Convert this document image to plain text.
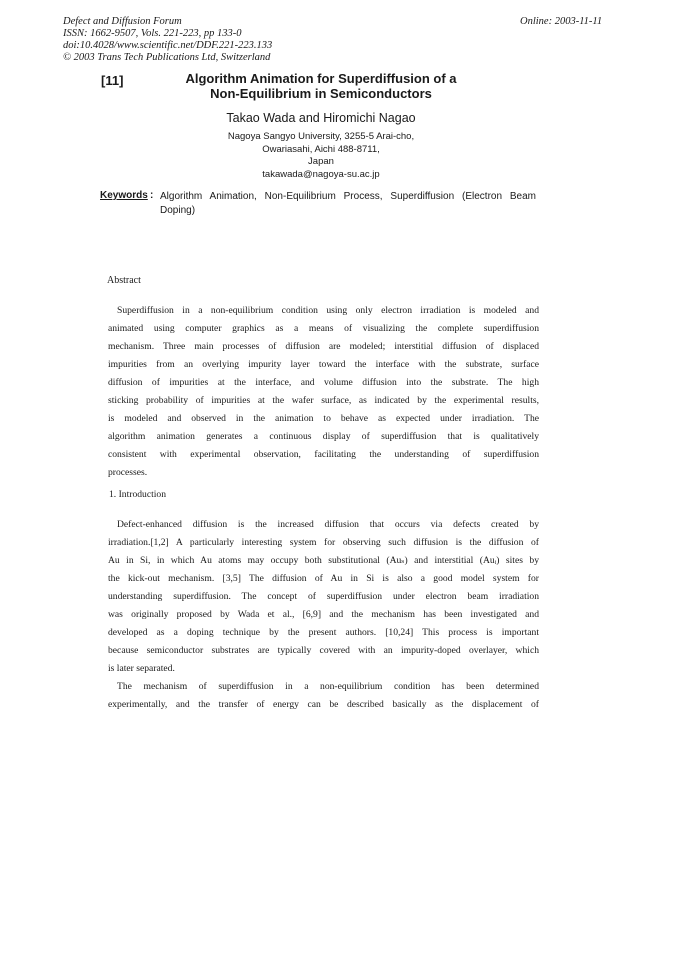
Defect and Diffusion Forum
ISSN: 1662-9507, Vols. 221-223, pp 133-0
doi:10.4028/www.scientific.net/DDF.221-223.133
© 2003 Trans Tech Publications Ltd, Switzerland
Online: 2003-11-11
[11]	Algorithm Animation for Superdiffusion of a
Non-Equilibrium in Semiconductors
Takao Wada and Hiromichi Nagao
Nagoya Sangyo University, 3255-5 Arai-cho,
Owariasahi, Aichi 488-8711,
Japan
takawada@nagoya-su.ac.jp
Keywords : Algorithm Animation, Non-Equilibrium Process, Superdiffusion (Electron Beam
Doping)
Abstract
Superdiffusion in a non-equilibrium condition using only electron irradiation is modeled and
animated using computer graphics as a means of visualizing the complete superdiffusion
mechanism. Three main processes of diffusion are modeled; interstitial diffusion of displaced
impurities from an overlying impurity layer toward the interface with the substrate, surface
diffusion of impurities at the interface, and volume diffusion into the substrate. The high
sticking probability of impurities at the wafer surface, as indicated by the experimental results,
is modeled and observed in the animation to behave as expected under irradiation. The
algorithm animation generates a continuous display of superdiffusion that is qualitatively
consistent with experimental observation, facilitating the understanding of superdiffusion
processes.
1. Introduction
Defect-enhanced diffusion is the increased diffusion that occurs via defects created by
irradiation.[1,2] A particularly interesting system for observing such diffusion is the diffusion of
Au in Si, in which Au atoms may occupy both substitutional (Auₛ) and interstitial (Auᵢ) sites by
the kick-out mechanism. [3,5] The diffusion of Au in Si is also a good model system for
understanding superdiffusion. The concept of superdiffusion under electron beam irradiation
was originally proposed by Wada et al., [6,9] and the mechanism has been investigated and
developed as a doping technique by the present authors. [10,24] This process is important
because semiconductor substrates are typically covered with an impurity-doped overlayer, which
is later separated.
The mechanism of superdiffusion in a non-equilibrium condition has been determined
experimentally, and the transfer of energy can be described basically as the displacement of
